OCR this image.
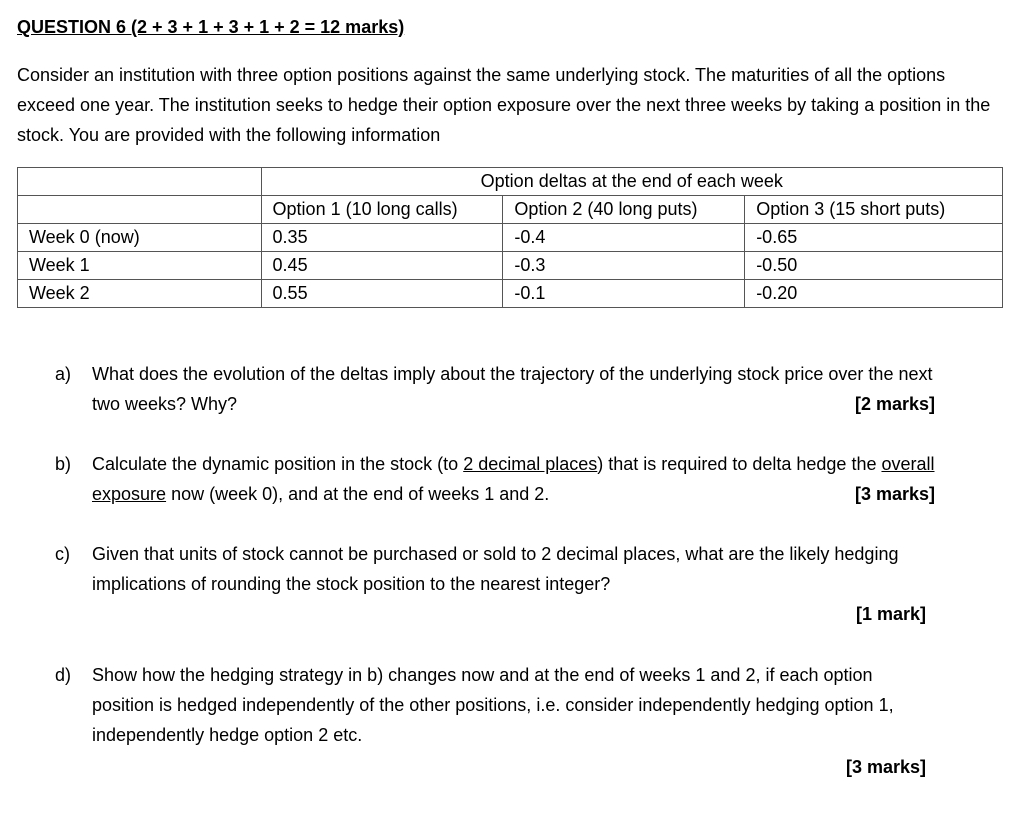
QUESTION 6 (2 + 3 + 1 + 3 + 1 + 2 = 12 marks)
Consider an institution with three option positions against the same underlying stock. The maturities of all the options exceed one year. The institution seeks to hedge their option exposure over the next three weeks by taking a position in the stock. You are provided with the following information
	Option deltas at the end of each week		
	Option 1 (10 long calls)	Option 2 (40 long puts)	Option 3 (15 short puts)
Week 0 (now)	0.35	-0.4	-0.65
Week 1	0.45	-0.3	-0.50
Week 2	0.55	-0.1	-0.20
a) What does the evolution of the deltas imply about the trajectory of the underlying stock price over the next two weeks? Why?	[2 marks]
b) Calculate the dynamic position in the stock (to 2 decimal places) that is required to delta hedge the overall exposure now (week 0), and at the end of weeks 1 and 2.	[3 marks]
c) Given that units of stock cannot be purchased or sold to 2 decimal places, what are the likely hedging implications of rounding the stock position to the nearest integer?
[1 mark]
d) Show how the hedging strategy in b) changes now and at the end of weeks 1 and 2, if each option position is hedged independently of the other positions, i.e. consider independently hedging option 1, independently hedge option 2 etc.
[3 marks]
